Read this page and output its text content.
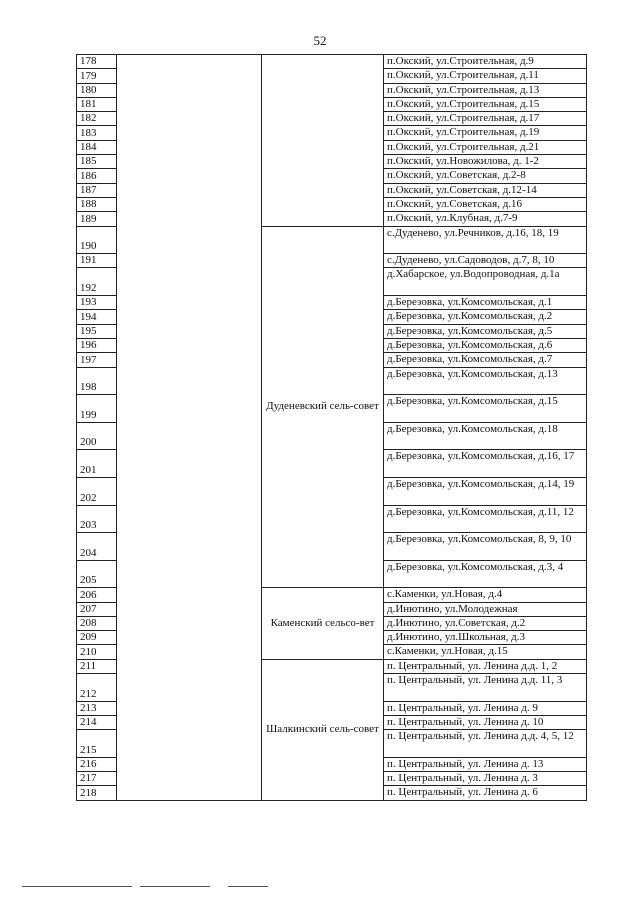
52
178			п.Окский, ул.Строительная, д.9
179			п.Окский, ул.Строительная, д.11
180			п.Окский, ул.Строительная, д.13
181			п.Окский, ул.Строительная, д.15
182			п.Окский, ул.Строительная, д.17
183			п.Окский, ул.Строительная, д.19
184			п.Окский, ул.Строительная, д.21
185			п.Окский, ул.Новожилова, д. 1-2
186			п.Окский, ул.Советская, д.2-8
187			п.Окский, ул.Советская, д.12-14
188			п.Окский, ул.Советская, д.16
189			п.Окский, ул.Клубная, д.7-9
190		Дуденевский сель-совет	с.Дуденево, ул.Речников, д.16, 18, 19
191			с.Дуденево, ул.Садоводов, д.7, 8, 10
192			д.Хабарское, ул.Водопроводная, д.1а
193			д.Березовка, ул.Комсомольская, д.1
194			д.Березовка, ул.Комсомольская, д.2
195			д.Березовка, ул.Комсомольская, д.5
196			д.Березовка, ул.Комсомольская, д.6
197			д.Березовка, ул.Комсомольская, д.7
198			д.Березовка, ул.Комсомольская, д.13
199			д.Березовка, ул.Комсомольская, д.15
200			д.Березовка, ул.Комсомольская, д.18
201			д.Березовка, ул.Комсомольская, д.16, 17
202			д.Березовка, ул.Комсомольская, д.14, 19
203			д.Березовка, ул.Комсомольская, д.11, 12
204			д.Березовка, ул.Комсомольская, 8, 9, 10
205			д.Березовка, ул.Комсомольская, д.3, 4
206		Каменский сельсо-вет	с.Каменки, ул.Новая, д.4
207			д.Инютино, ул.Молодежная
208			д.Инютино, ул.Советская, д.2
209			д.Инютино, ул.Школьная, д.3
210			с.Каменки, ул.Новая, д.15
211		Шалкинский сель-совет	п. Центральный, ул. Ленина д.д. 1, 2
212			п. Центральный, ул. Ленина д.д. 11, 3
213			п. Центральный, ул. Ленина д. 9
214			п. Центральный, ул. Ленина д. 10
215			п. Центральный, ул. Ленина д.д. 4, 5, 12
216			п. Центральный, ул. Ленина д. 13
217			п. Центральный, ул. Ленина д. 3
218			п. Центральный, ул. Ленина д. 6
